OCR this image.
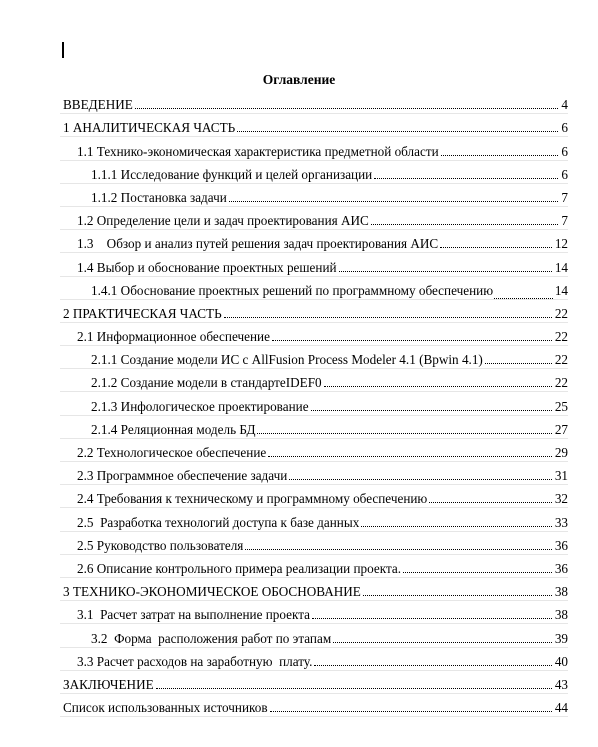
Оглавление
ВВЕДЕНИЕ	4
1 АНАЛИТИЧЕСКАЯ ЧАСТЬ	6
1.1 Технико-экономическая характеристика предметной области	6
1.1.1 Исследование функций и целей организации	6
1.1.2 Постановка задачи	7
1.2 Определение цели и задач проектирования АИС	7
1.3    Обзор и анализ путей решения задач проектирования АИС	12
1.4 Выбор и обоснование проектных решений	14
1.4.1 Обоснование проектных решений по программному обеспечению	14
2 ПРАКТИЧЕСКАЯ ЧАСТЬ	22
2.1 Информационное обеспечение	22
2.1.1 Создание модели ИС с AllFusion Process Modeler 4.1 (Bpwin 4.1)	22
2.1.2 Создание модели в стандартеIDEF0	22
2.1.3 Инфологическое проектирование	25
2.1.4 Реляционная модель БД	27
2.2 Технологическое обеспечение	29
2.3 Программное обеспечение задачи	31
2.4 Требования к техническому и программному обеспечению	32
2.5  Разработка технологий доступа к базе данных	33
2.5 Руководство пользователя	36
2.6 Описание контрольного примера реализации проекта.	36
3 ТЕХНИКО-ЭКОНОМИЧЕСКОЕ ОБОСНОВАНИЕ	38
3.1  Расчет затрат на выполнение проекта	38
3.2  Форма  расположения работ по этапам	39
3.3 Расчет расходов на заработную  плату.	40
ЗАКЛЮЧЕНИЕ	43
Список использованных источников	44
